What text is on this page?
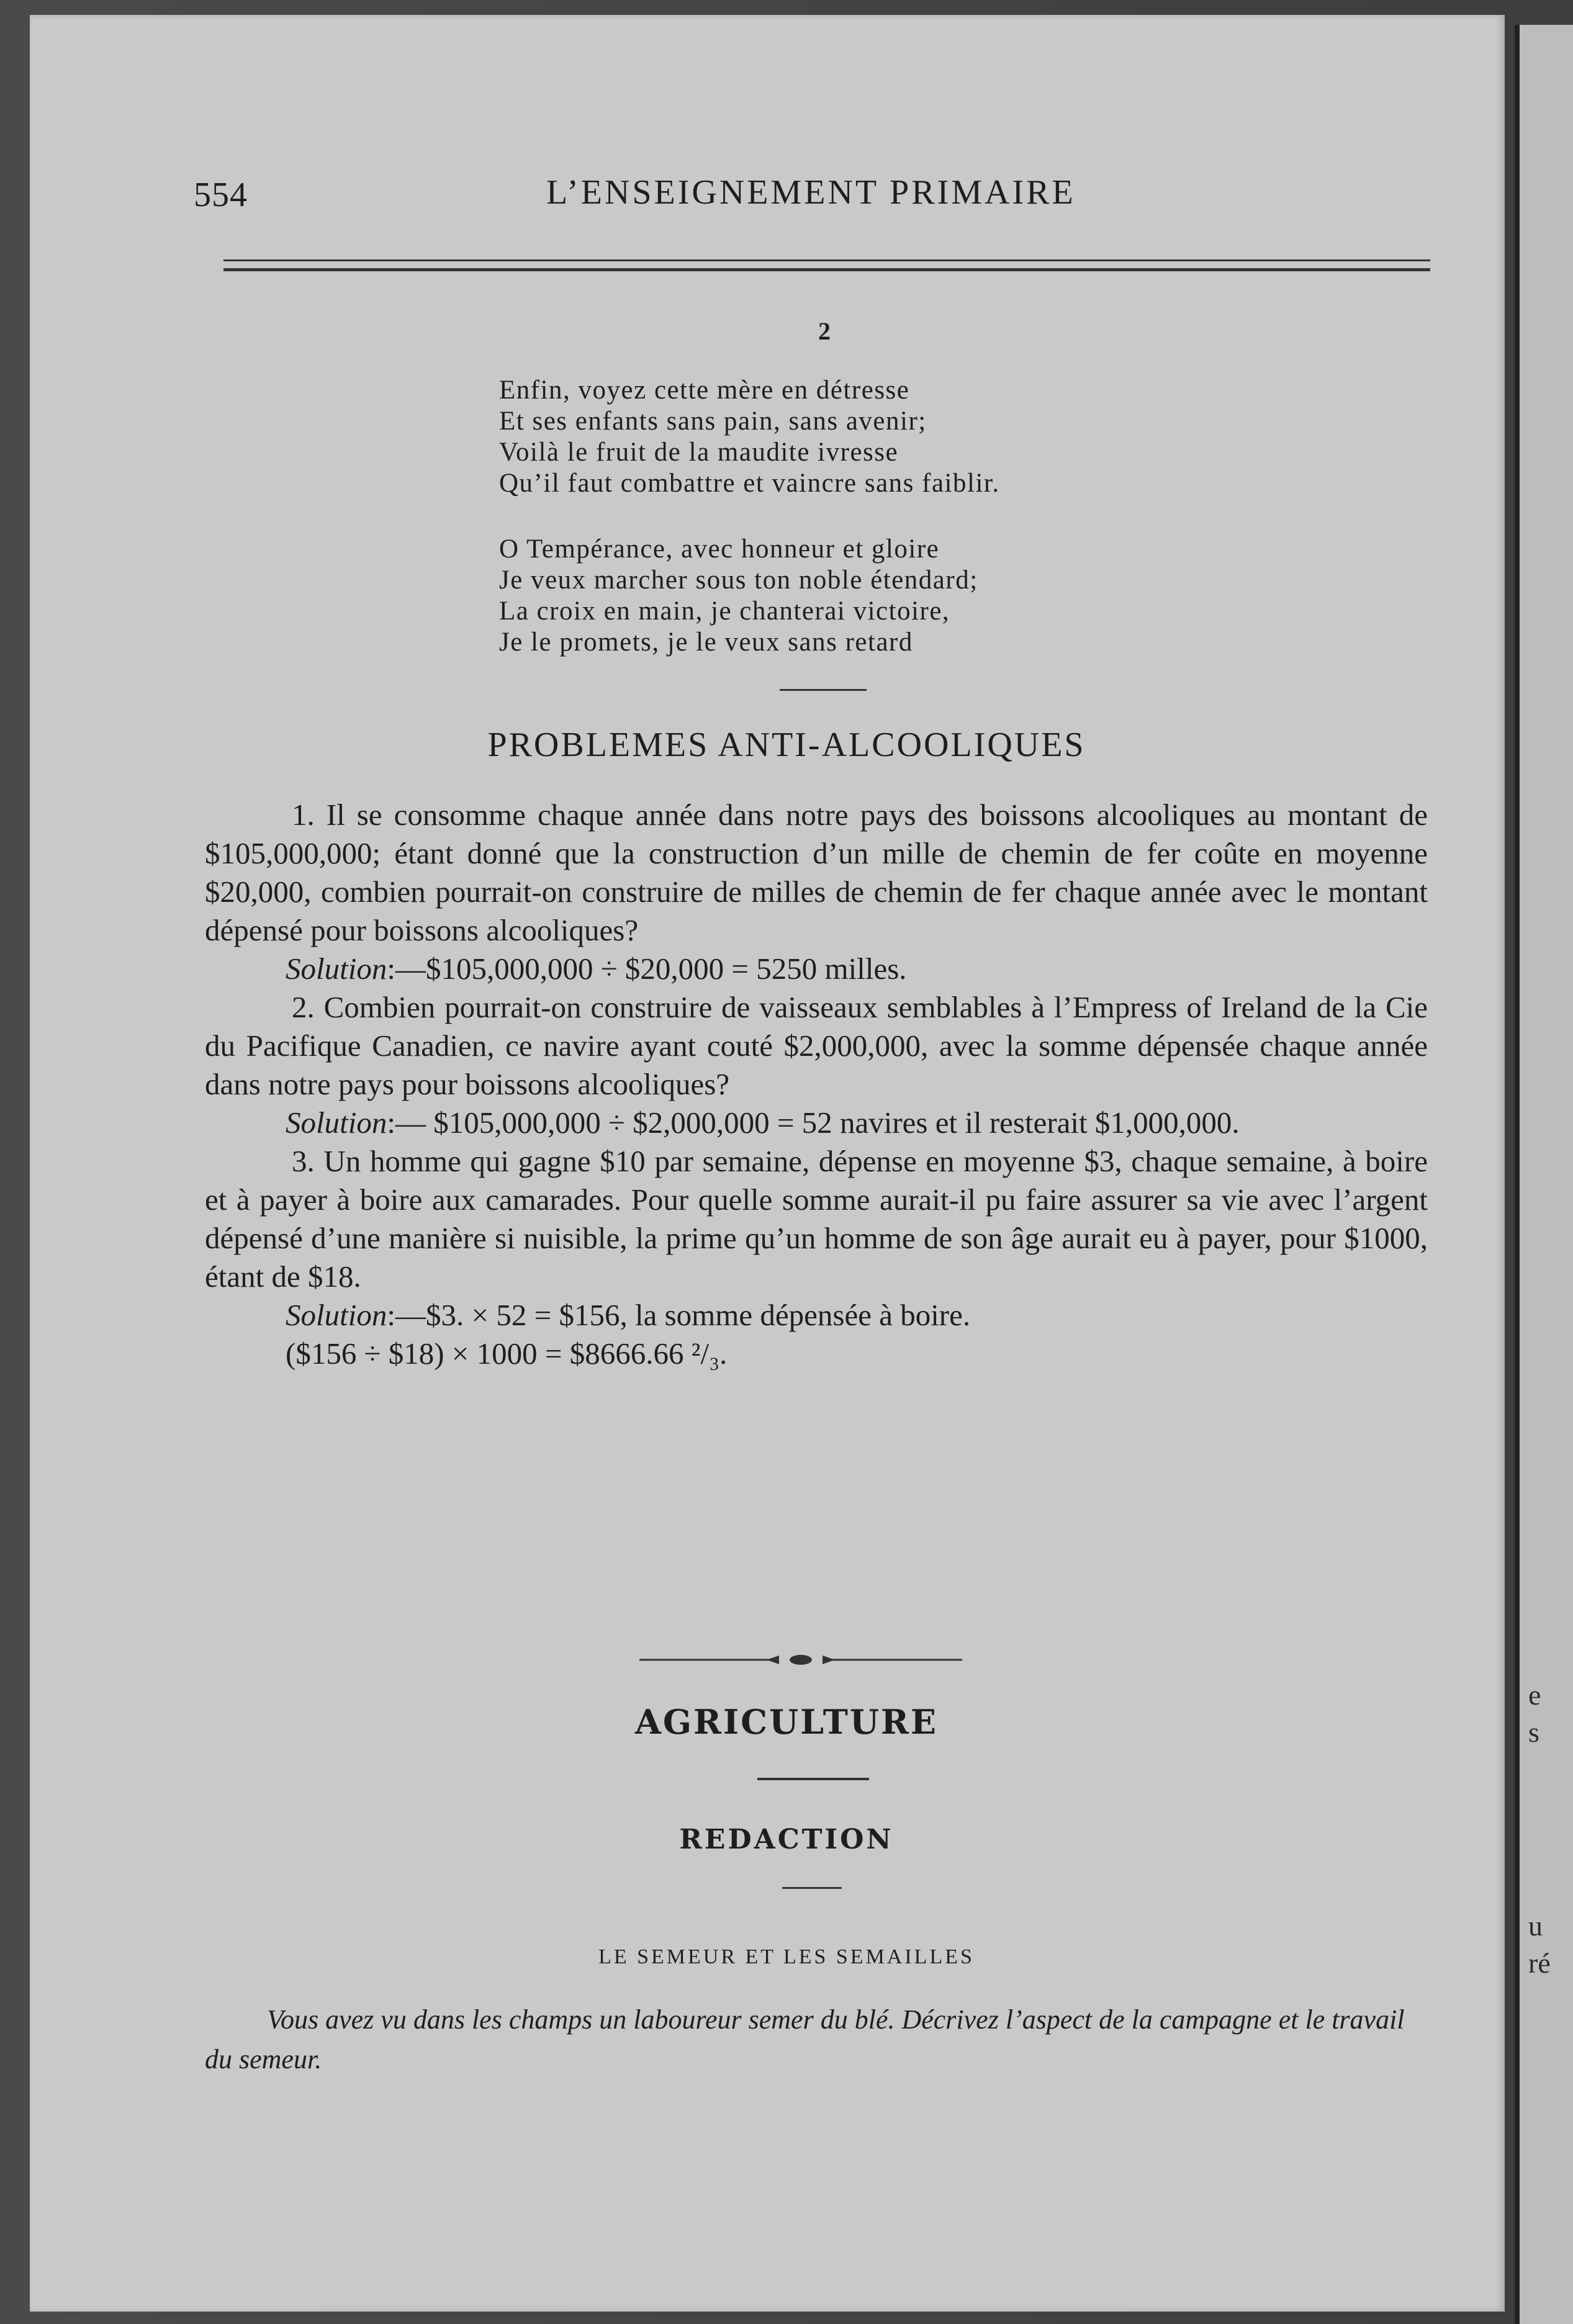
e
s
u
ré
554	L’ENSEIGNEMENT PRIMAIRE
2
Enfin, voyez cette mère en détresse
Et ses enfants sans pain, sans avenir;
Voilà le fruit de la maudite ivresse
Qu’il faut combattre et vaincre sans faiblir.
O Tempérance, avec honneur et gloire
Je veux marcher sous ton noble étendard;
La croix en main, je chanterai victoire,
Je le promets, je le veux sans retard
PROBLEMES ANTI-ALCOOLIQUES

1. Il se consomme chaque année dans notre pays des boissons alcooliques au montant de $105,000,000; étant donné que la construction d’un mille de chemin de fer coûte en moyenne $20,000, combien pourrait-on construire de milles de chemin de fer chaque année avec le montant dépensé pour boissons alcooliques?

Solution:—$105,000,000 ÷ $20,000 = 5250 milles.

2. Combien pourrait-on construire de vaisseaux semblables à l’Empress of Ireland de la Cie du Pacifique Canadien, ce navire ayant couté $2,000,000, avec la somme dépensée chaque année dans notre pays pour boissons alcooliques?

Solution:— $105,000,000 ÷ $2,000,000 = 52 navires et il resterait $1,000,000.

3. Un homme qui gagne $10 par semaine, dépense en moyenne $3, chaque semaine, à boire et à payer à boire aux camarades. Pour quelle somme aurait-il pu faire assurer sa vie avec l’argent dépensé d’une manière si nuisible, la prime qu’un homme de son âge aurait eu à payer, pour $1000, étant de $18.

Solution:—$3. × 52 = $156, la somme dépensée à boire.

($156 ÷ $18) × 1000 = $8666.66 ²/₃.

AGRICULTURE
REDACTION
LE SEMEUR ET LES SEMAILLES
Vous avez vu dans les champs un laboureur semer du blé. Décrivez l’aspect de la campagne et le travail du semeur.
